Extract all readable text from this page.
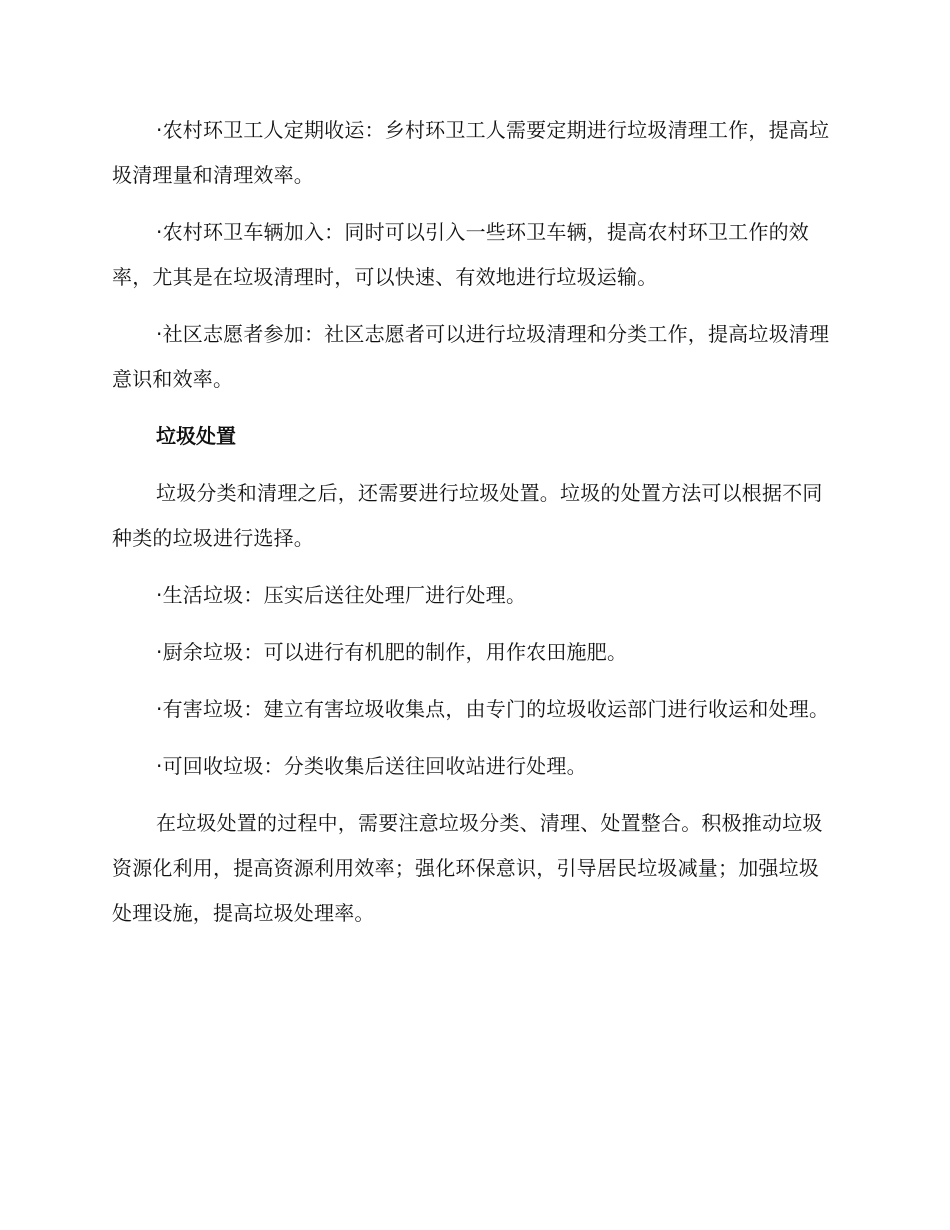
·农村环卫工人定期收运：乡村环卫工人需要定期进行垃圾清理工作，提高垃圾清理量和清理效率。

·农村环卫车辆加入：同时可以引入一些环卫车辆，提高农村环卫工作的效率，尤其是在垃圾清理时，可以快速、有效地进行垃圾运输。

·社区志愿者参加：社区志愿者可以进行垃圾清理和分类工作，提高垃圾清理意识和效率。

垃圾处置

垃圾分类和清理之后，还需要进行垃圾处置。垃圾的处置方法可以根据不同种类的垃圾进行选择。

·生活垃圾：压实后送往处理厂进行处理。

·厨余垃圾：可以进行有机肥的制作，用作农田施肥。

·有害垃圾：建立有害垃圾收集点，由专门的垃圾收运部门进行收运和处理。

·可回收垃圾：分类收集后送往回收站进行处理。

在垃圾处置的过程中，需要注意垃圾分类、清理、处置整合。积极推动垃圾资源化利用，提高资源利用效率；强化环保意识，引导居民垃圾减量；加强垃圾处理设施，提高垃圾处理率。
